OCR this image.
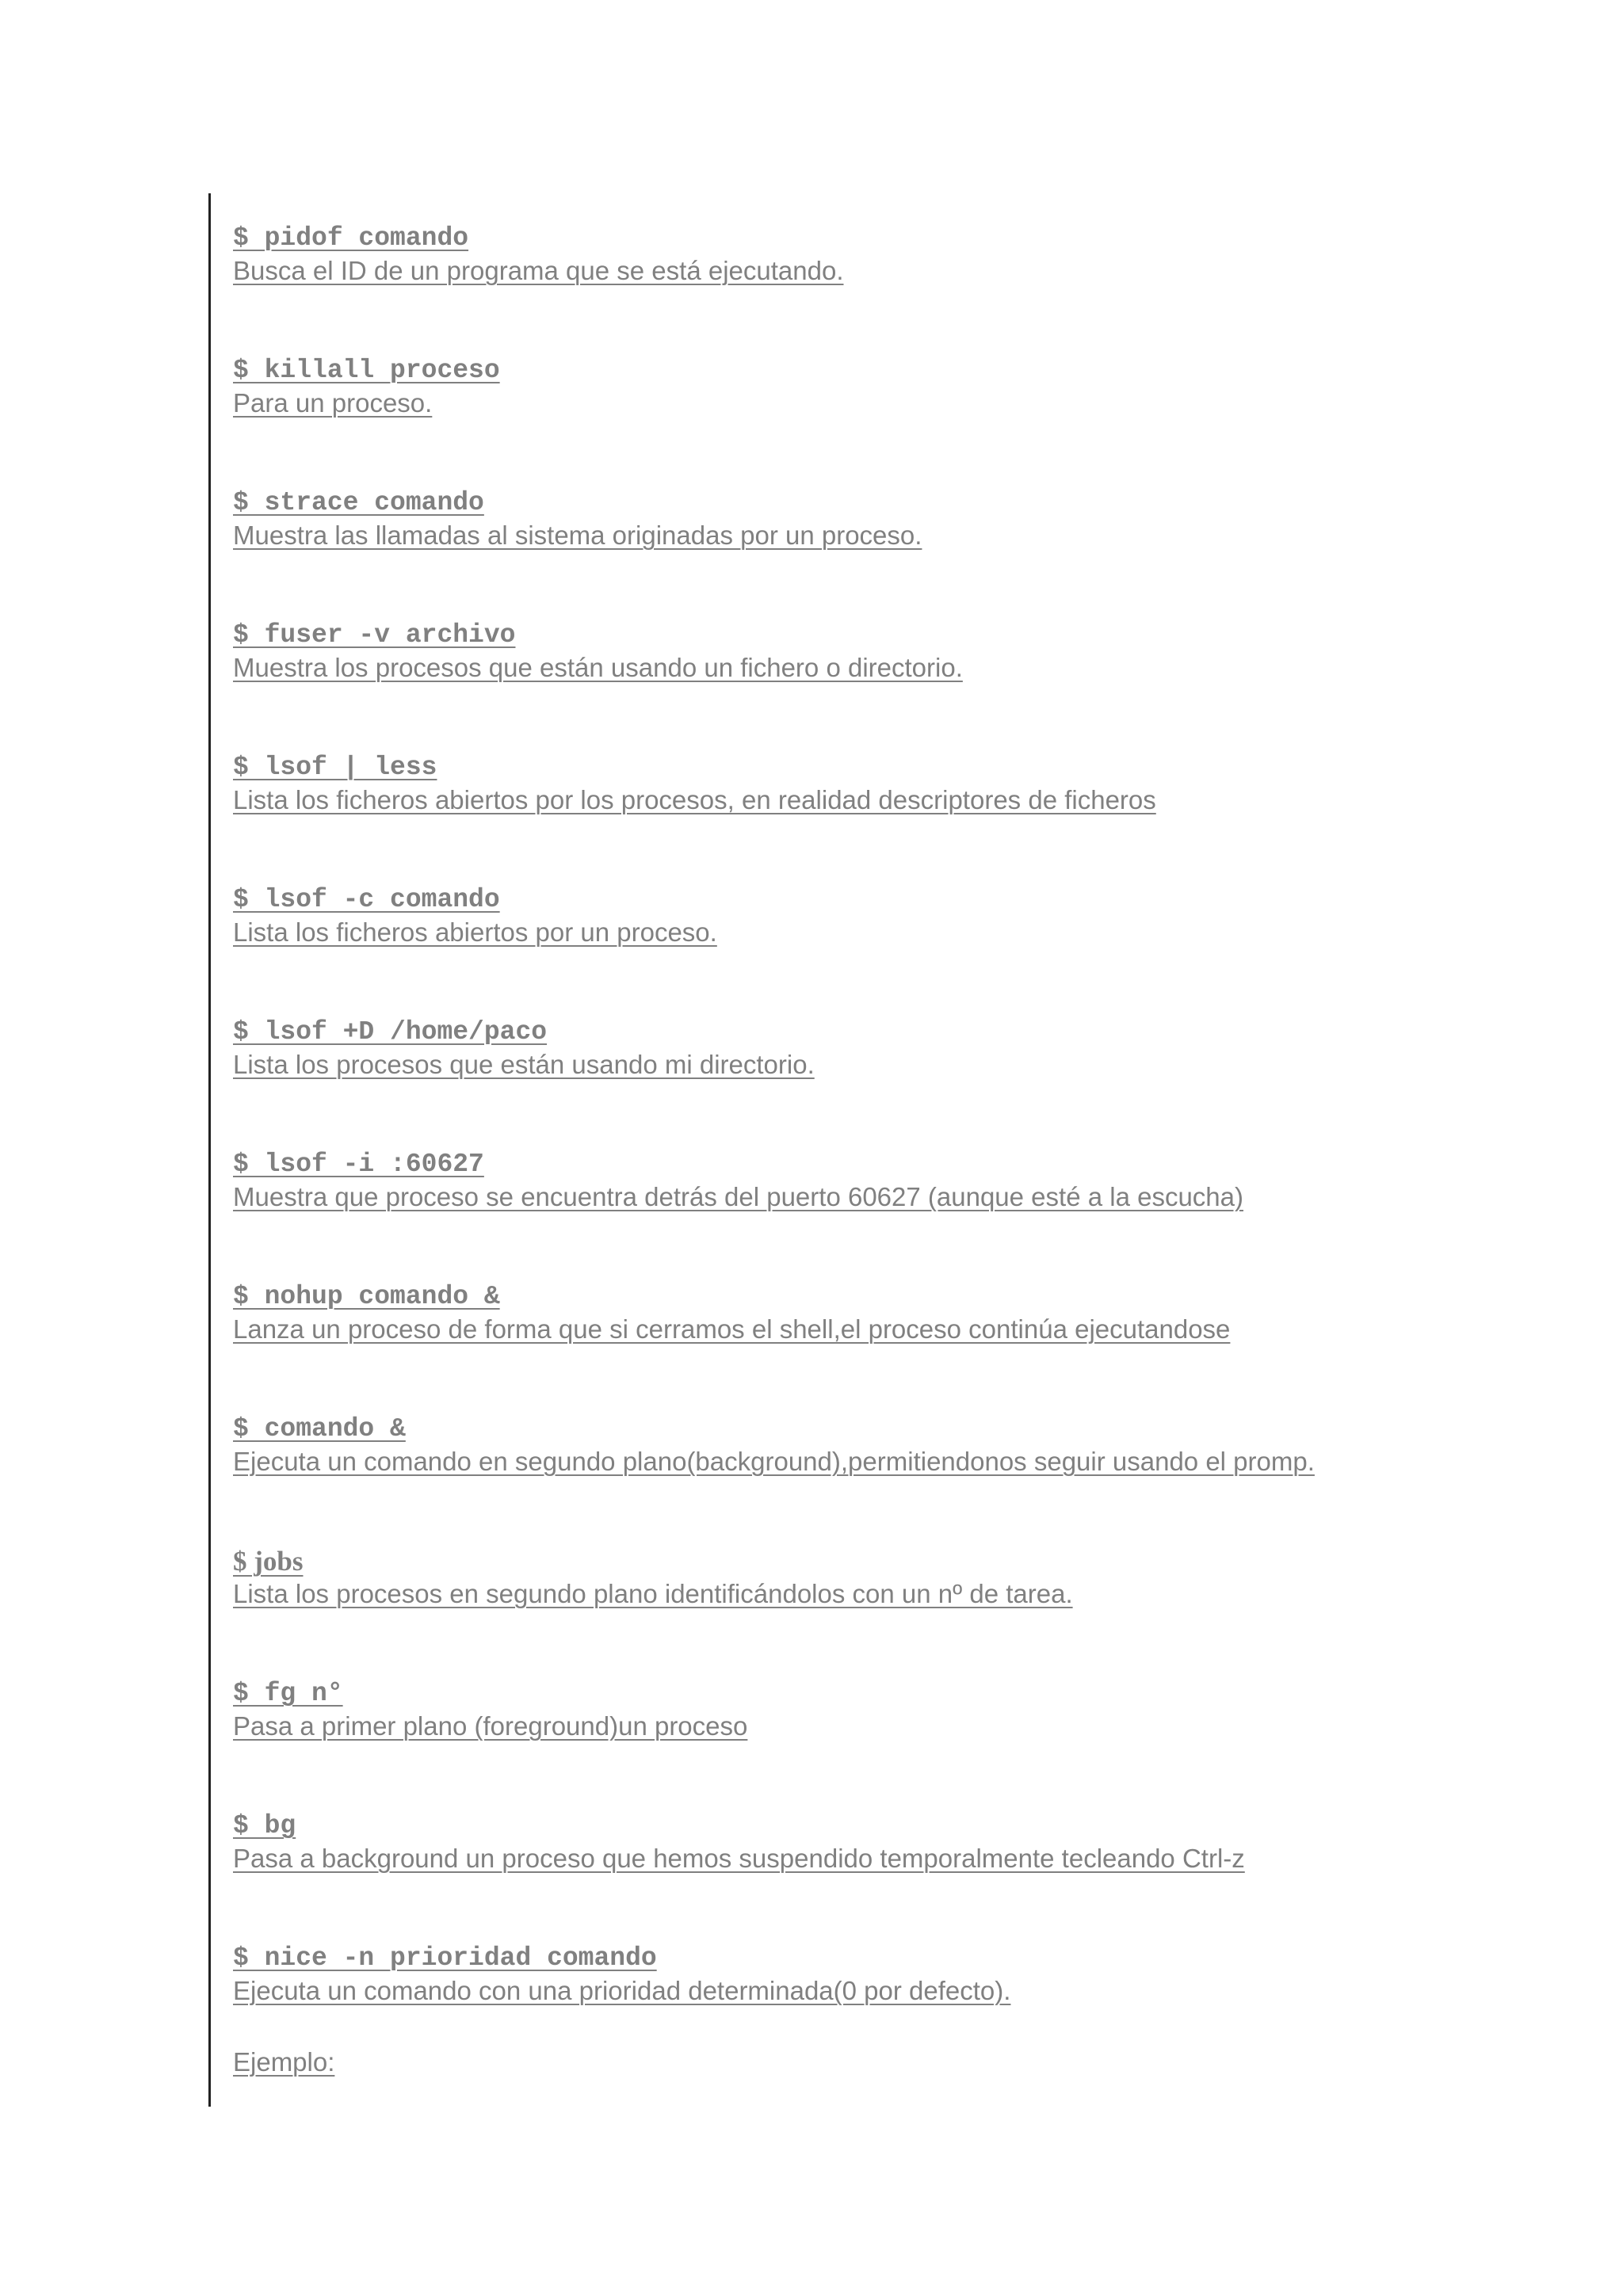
$ pidof comando
Busca el ID de un programa que se está ejecutando.
$ killall proceso
Para un proceso.
$ strace comando
Muestra las llamadas al sistema originadas por un proceso.
$ fuser -v archivo
Muestra los procesos que están usando un fichero o directorio.
$ lsof | less
Lista los ficheros abiertos por los procesos, en realidad descriptores de ficheros
$ lsof -c comando
Lista los ficheros abiertos por un proceso.
$ lsof +D /home/paco
Lista los procesos que están usando mi directorio.
$ lsof -i :60627
Muestra que proceso se encuentra detrás del puerto 60627 (aunque esté a la escucha)
$ nohup comando &
Lanza un proceso de forma que si cerramos el shell,el proceso continúa ejecutandose
$ comando &
Ejecuta un comando en segundo plano(background),permitiendonos seguir usando el promp.
$ jobs
Lista los procesos en segundo plano identificándolos con un nº de tarea.
$ fg n°
Pasa a primer plano (foreground)un proceso
$ bg
Pasa a background un proceso que hemos suspendido temporalmente tecleando Ctrl-z
$ nice -n prioridad comando
Ejecuta un comando con una prioridad determinada(0 por defecto).
Ejemplo:
